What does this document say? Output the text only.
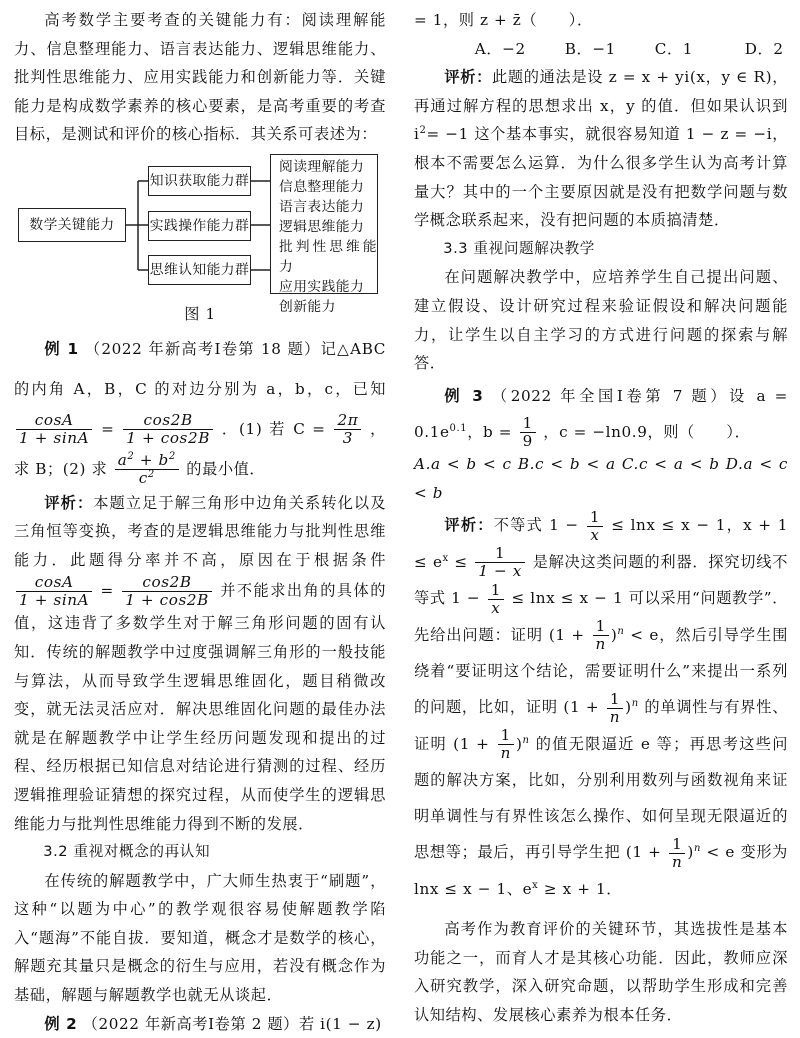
高考数学主要考查的关键能力有：阅读理解能力、信息整理能力、语言表达能力、逻辑思维能力、批判性思维能力、应用实践能力和创新能力等．关键能力是构成数学素养的核心要素，是高考重要的考查目标，是测试和评价的核心指标．其关系可表述为：

数学关键能力
知识获取能力群
实践操作能力群
思维认知能力群
阅读理解能力
信息整理能力
语言表达能力
逻辑思维能力
批判性思维能力
应用实践能力
创新能力

图 1

例 1 （2022 年新高考Ⅰ卷第 18 题）记△ABC 的内角 A，B，C 的对边分别为 a，b，c，已知
$\frac{\cos A}{1 + \sin A} = \frac{\cos 2B}{1 + \cos 2B}$ ．(1) 若 $C = \frac{2\pi}{3}$ ，求 B；(2) 求 $\frac{a^2 + b^2}{c^2}$ 的最小值．

评析：本题立足于解三角形中边角关系转化以及三角恒等变换，考查的是逻辑思维能力与批判性思维能力．此题得分率并不高，原因在于根据条件
$\frac{\cos A}{1 + \sin A} = \frac{\cos 2B}{1 + \cos 2B}$ 并不能求出角的具体的值，这违背了多数学生对于解三角形问题的固有认知．传统的解题教学中过度强调解三角形的一般技能与算法，从而导致学生逻辑思维固化，题目稍微改变，就无法灵活应对．解决思维固化问题的最佳办法就是在解题教学中让学生经历问题发现和提出的过程、经历根据已知信息对结论进行猜测的过程、经历逻辑推理验证猜想的探究过程，从而使学生的逻辑思维能力与批判性思维能力得到不断的发展．

3.2 重视对概念的再认知

在传统的解题教学中，广大师生热衷于“刷题”，这种“以题为中心”的教学观很容易使解题教学陷入“题海”不能自拔．要知道，概念才是数学的核心，解题充其量只是概念的衍生与应用，若没有概念作为基础，解题与解题教学也就无从谈起．

例 2 （2022 年新高考Ⅰ卷第 2 题）若 i(1 − z)

= 1，则 z + z̄（　　）．

A．−2	B．−1	C．1	D．2

评析：此题的通法是设 z = x + yi(x，y ∈ R)，再通过解方程的思想求出 x，y 的值．但如果认识到 $i^2= -1$ 这个基本事实，就很容易知道 1 − z = −i，根本不需要怎么运算．为什么很多学生认为高考计算量大？其中的一个主要原因就是没有把数学问题与数学概念联系起来，没有把问题的本质搞清楚．

3.3 重视问题解决教学

在问题解决教学中，应培养学生自己提出问题、建立假设、设计研究过程来验证假设和解决问题能力，让学生以自主学习的方式进行问题的探索与解答．

例 3 （2022 年全国Ⅰ卷第 7 题）设 $a = 0.1e^{0.1}$，$b = \frac{1}{9}$ ，c = −ln0.9，则（　　）．

A.a < b < c B.c < b < a C.c < a < b D.a < c < b

评析：不等式 $1 - \frac{1}{x} \le \ln x \le x - 1$，$x + 1 \le e^x \le \frac{1}{1 - x}$ 是解决这类问题的利器．探究切线不等式 $1 - \frac{1}{x} \le \ln x \le x - 1$ 可以采用“问题教学”．先给出问题：证明 $(1 + \frac{1}{n} )^n < e$，然后引导学生围绕着“要证明这个结论，需要证明什么”来提出一系列的问题，比如，证明 $(1 + \frac{1}{n} )^n$ 的单调性与有界性、证明 $(1 + \frac{1}{n} )^n$ 的值无限逼近 e 等；再思考这些问题的解决方案，比如，分别利用数列与函数视角来证明单调性与有界性该怎么操作、如何呈现无限逼近的思想等；最后，再引导学生把 $(1 + \frac{1}{n} )^n < e$ 变形为 lnx ≤ x − 1、$e^x \ge x + 1$．

高考作为教育评价的关键环节，其选拔性是基本功能之一，而育人才是其核心功能．因此，教师应深入研究教学，深入研究命题，以帮助学生形成和完善认知结构、发展核心素养为根本任务．
